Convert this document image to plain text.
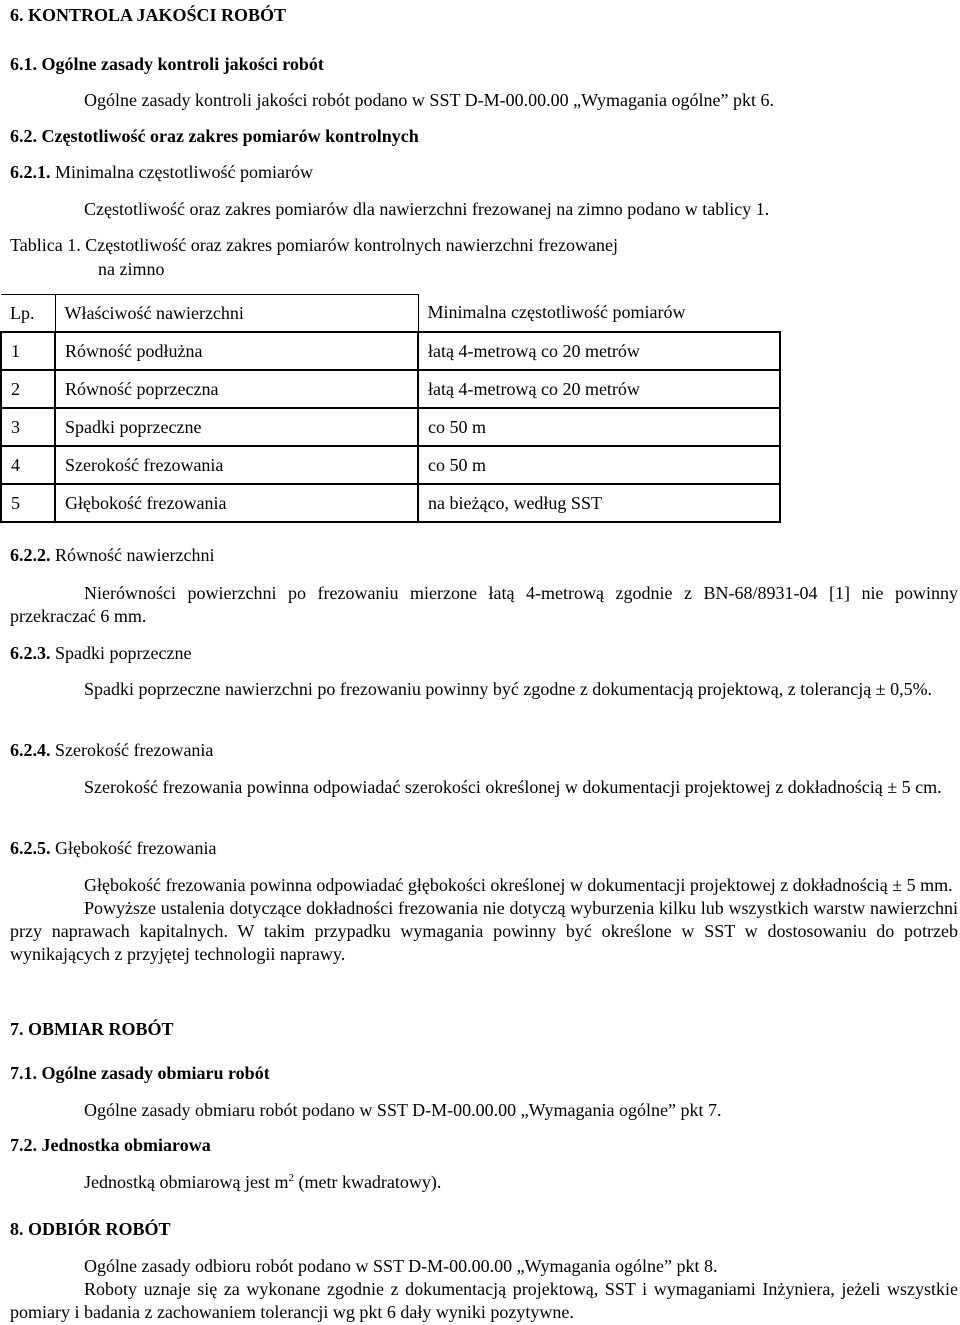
6. KONTROLA JAKOŚCI ROBÓT
6.1. Ogólne zasady kontroli jakości robót
Ogólne zasady kontroli jakości robót podano w SST D-M-00.00.00 „Wymagania ogólne” pkt 6.
6.2. Częstotliwość oraz zakres pomiarów kontrolnych
6.2.1. Minimalna częstotliwość pomiarów
Częstotliwość oraz zakres pomiarów dla nawierzchni frezowanej na zimno podano w tablicy 1.
Tablica 1. Częstotliwość oraz zakres pomiarów kontrolnych nawierzchni frezowanej
na zimno
Lp.	Właściwość nawierzchni	Minimalna częstotliwość pomiarów
1	Równość podłużna	łatą 4-metrową co 20 metrów
2	Równość poprzeczna	łatą 4-metrową co 20 metrów
3	Spadki poprzeczne	co 50 m
4	Szerokość frezowania	co 50 m
5	Głębokość frezowania	na bieżąco, według SST
6.2.2. Równość nawierzchni
Nierówności powierzchni po frezowaniu mierzone łatą 4-metrową zgodnie z BN-68/8931-04 [1] nie powinny przekraczać 6 mm.
6.2.3. Spadki poprzeczne
Spadki poprzeczne nawierzchni po frezowaniu powinny być zgodne z dokumentacją projektową, z tolerancją ± 0,5%.
6.2.4. Szerokość frezowania
Szerokość frezowania powinna odpowiadać szerokości określonej w dokumentacji projektowej z dokładnością ± 5 cm.
6.2.5. Głębokość frezowania

Głębokość frezowania powinna odpowiadać głębokości określonej w dokumentacji projektowej z dokładnością ± 5 mm.

Powyższe ustalenia dotyczące dokładności frezowania nie dotyczą wyburzenia kilku lub wszystkich warstw nawierzchni przy naprawach kapitalnych. W takim przypadku wymagania powinny być określone w SST w dostosowaniu do potrzeb wynikających z przyjętej technologii naprawy.

7. OBMIAR ROBÓT
7.1. Ogólne zasady obmiaru robót
Ogólne zasady obmiaru robót podano w SST D-M-00.00.00 „Wymagania ogólne” pkt 7.
7.2. Jednostka obmiarowa
Jednostką obmiarową jest $m^2$ (metr kwadratowy).
8. ODBIÓR ROBÓT

Ogólne zasady odbioru robót podano w SST D-M-00.00.00 „Wymagania ogólne” pkt 8.

Roboty uznaje się za wykonane zgodnie z dokumentacją projektową, SST i wymaganiami Inżyniera, jeżeli wszystkie pomiary i badania z zachowaniem tolerancji wg pkt 6 dały wyniki pozytywne.
